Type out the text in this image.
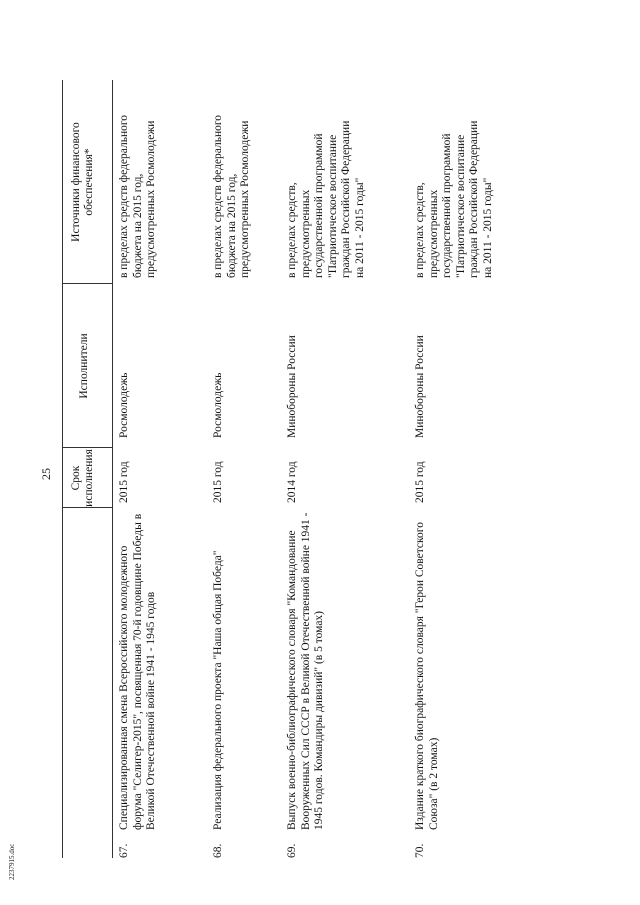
Срок
исполнения
Исполнители
Источники финансового
обеспечения*
67.
Специализированная смена Всероссийского молодежного форума "Селигер-2015", посвященная 70-й годовщине Победы в Великой Отечественной войне 1941 - 1945 годов
2015 год
Росмолодежь
в пределах средств федерального бюджета на 2015 год, предусмотренных Росмолодежи
68.
Реализация федерального проекта "Наша общая Победа"
2015 год
Росмолодежь
в пределах средств федерального бюджета на 2015 год, предусмотренных Росмолодежи
69.
Выпуск военно-библиографического словаря "Командование Вооруженных Сил СССР в Великой Отечественной войне 1941 - 1945 годов. Командиры дивизий" (в 5 томах)
2014 год
Минобороны России
в пределах средств, предусмотренных государственной программой "Патриотическое воспитание граждан Российской Федерации на 2011 - 2015 годы"
70.
Издание краткого биографического словаря "Герои Советского Союза" (в 2 томах)
2015 год
Минобороны России
в пределах средств, предусмотренных государственной программой "Патриотическое воспитание граждан Российской Федерации на 2011 - 2015 годы"
25
2237915.doc
